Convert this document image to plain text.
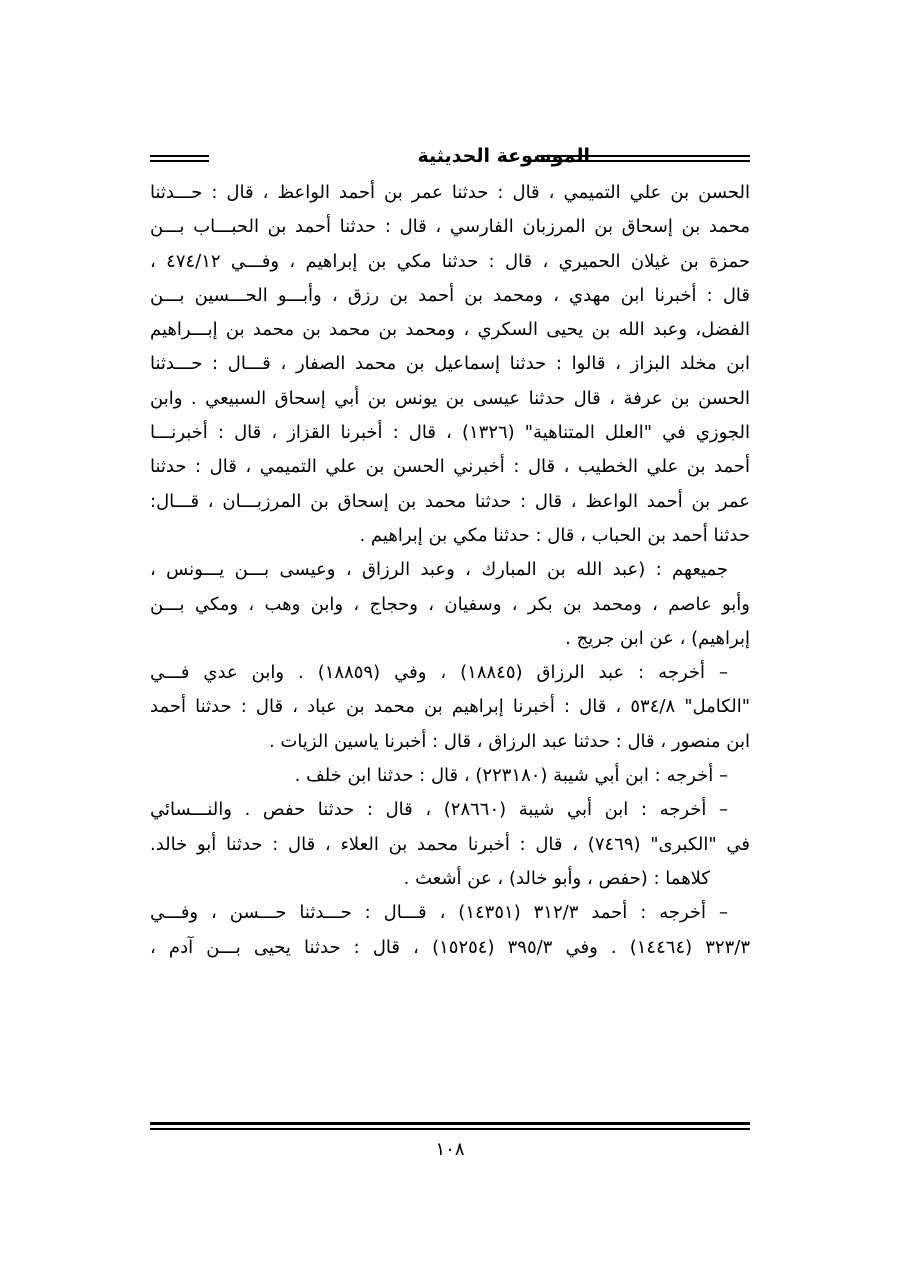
الموسوعة الحديثية
الحسن بن علي التميمي ، قال : حدثنا عمر بن أحمد الواعظ ، قال : حـــدثنا
محمد بن إسحاق بن المرزبان الفارسي ، قال : حدثنا أحمد بن الحبـــاب بـــن
حمزة بن غيلان الحميري ، قال : حدثنا مكي بن إبراهيم ، وفـــي ٤٧٤/١٢ ،
قال : أخبرنا ابن مهدي ، ومحمد بن أحمد بن رزق ، وأبـــو الحـــسين بـــن
الفضل، وعبد الله بن يحيى السكري ، ومحمد بن محمد بن محمد بن إبـــراهيم
ابن مخلد البزاز ، قالوا : حدثنا إسماعيل بن محمد الصفار ، قـــال : حـــدثنا
الحسن بن عرفة ، قال حدثنا عيسى بن يونس بن أبي إسحاق السبيعي . وابن
الجوزي في "العلل المتناهية" (١٣٢٦) ، قال : أخبرنا القزاز ، قال : أخبرنـــا
أحمد بن علي الخطيب ، قال : أخبرني الحسن بن علي التميمي ، قال : حدثنا
عمر بن أحمد الواعظ ، قال : حدثنا محمد بن إسحاق بن المرزبـــان ، قـــال:
حدثنا أحمد بن الحباب ، قال : حدثنا مكي بن إبراهيم .
جميعهم : (عبد الله بن المبارك ، وعبد الرزاق ، وعيسى بـــن يـــونس ،
وأبو عاصم ، ومحمد بن بكر ، وسفيان ، وحجاج ، وابن وهب ، ومكي بـــن
إبراهيم) ، عن ابن جريج .
– أخرجه : عبد الرزاق (١٨٨٤٥) ، وفي (١٨٨٥٩) . وابن عدي فـــي
"الكامل" ٥٣٤/٨ ، قال : أخبرنا إبراهيم بن محمد بن عباد ، قال : حدثنا أحمد
ابن منصور ، قال : حدثنا عبد الرزاق ، قال : أخبرنا ياسين الزيات .
– أخرجه : ابن أبي شيبة (٢٢٣١٨٠) ، قال : حدثنا ابن خلف .
– أخرجه : ابن أبي شيبة (٢٨٦٦٠) ، قال : حدثنا حفص . والنـــسائي
في "الكبرى" (٧٤٦٩) ، قال : أخبرنا محمد بن العلاء ، قال : حدثنا أبو خالد.
كلاهما : (حفص ، وأبو خالد) ، عن أشعث .
– أخرجه : أحمد ٣١٢/٣ (١٤٣٥١) ، قـــال : حـــدثنا حـــسن ، وفـــي
٣٢٣/٣ (١٤٤٦٤) . وفي ٣٩٥/٣ (١٥٢٥٤) ، قال : حدثنا يحيى بـــن آدم ،
١٠٨
